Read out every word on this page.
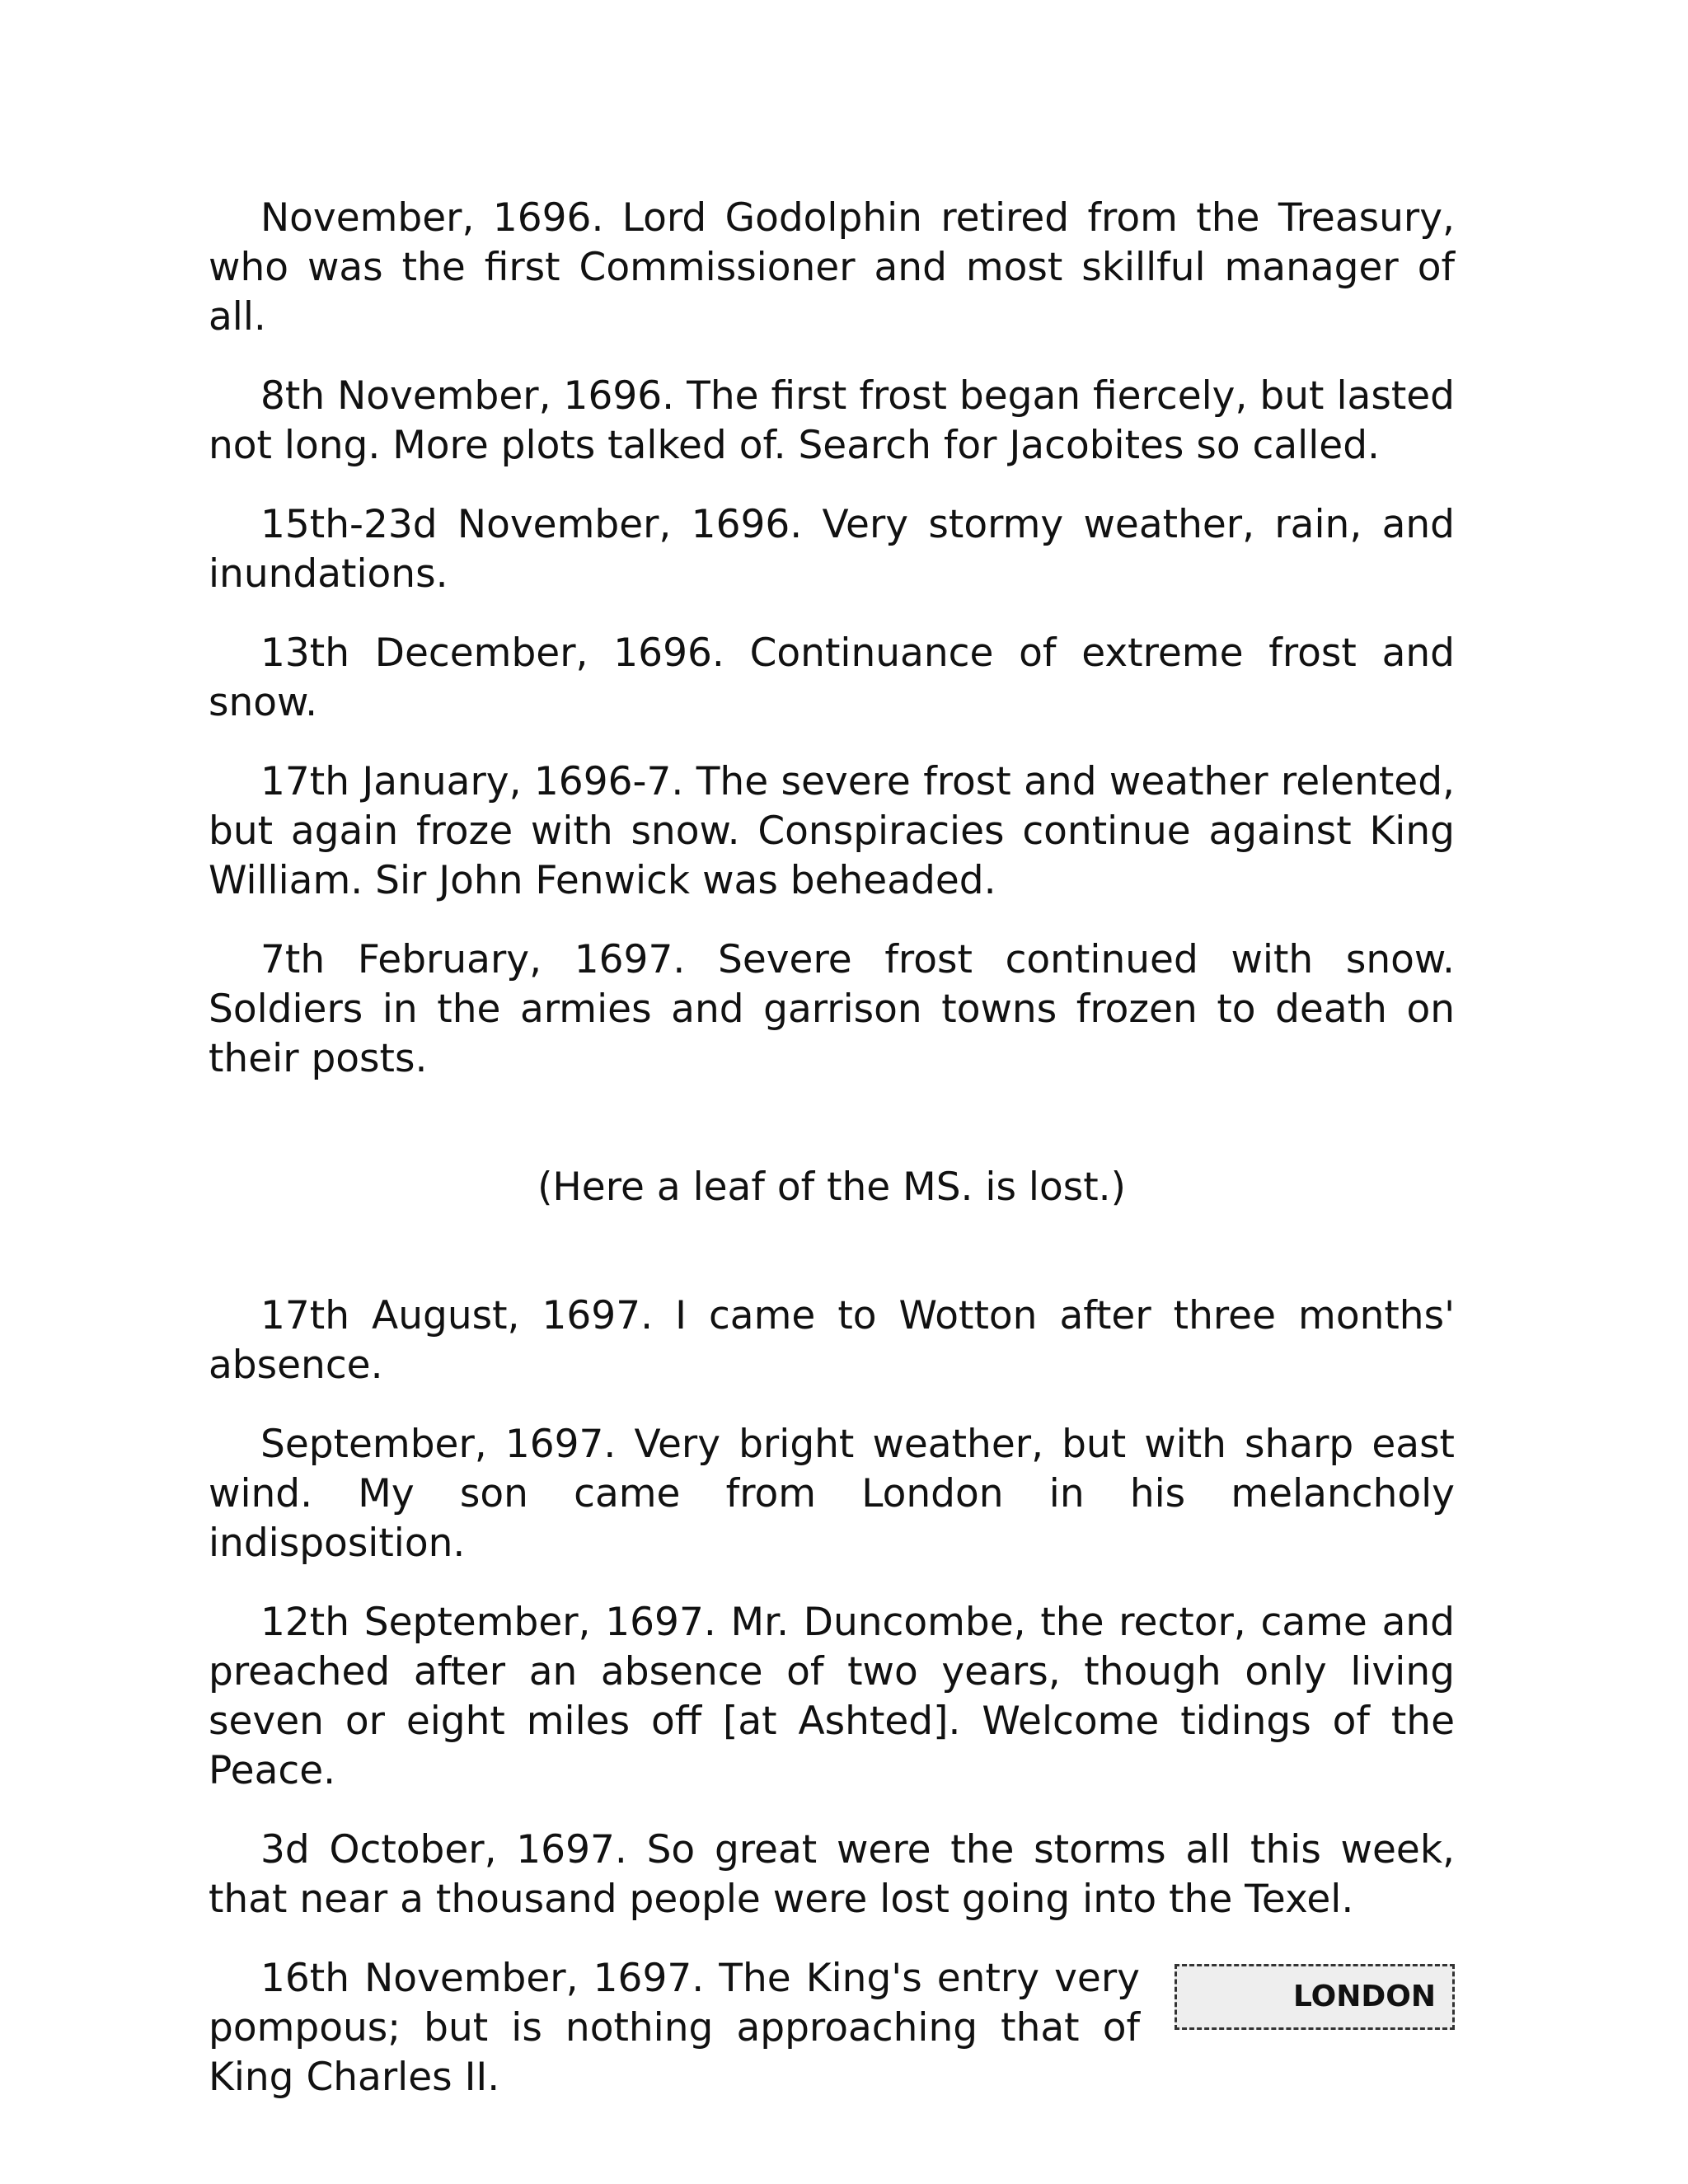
November, 1696. Lord Godolphin retired from the Treasury, who was the first Commissioner and most skillful manager of all.

8th November, 1696. The first frost began fiercely, but lasted not long. More plots talked of. Search for Jacobites so called.

15th-23d November, 1696. Very stormy weather, rain, and inundations.

13th December, 1696. Continuance of extreme frost and snow.

17th January, 1696-7. The severe frost and weather relented, but again froze with snow. Conspiracies continue against King William. Sir John Fenwick was beheaded.

7th February, 1697. Severe frost continued with snow. Soldiers in the armies and garrison towns frozen to death on their posts.

(Here a leaf of the MS. is lost.)

17th August, 1697. I came to Wotton after three months' absence.

September, 1697. Very bright weather, but with sharp east wind. My son came from London in his melancholy indisposition.

12th September, 1697. Mr. Duncombe, the rector, came and preached after an absence of two years, though only living seven or eight miles off [at Ashted]. Welcome tidings of the Peace.

3d October, 1697. So great were the storms all this week, that near a thousand people were lost going into the Texel.

16th November, 1697. The King's entry very pompous; but is nothing approaching that of King Charles II.

LONDON
